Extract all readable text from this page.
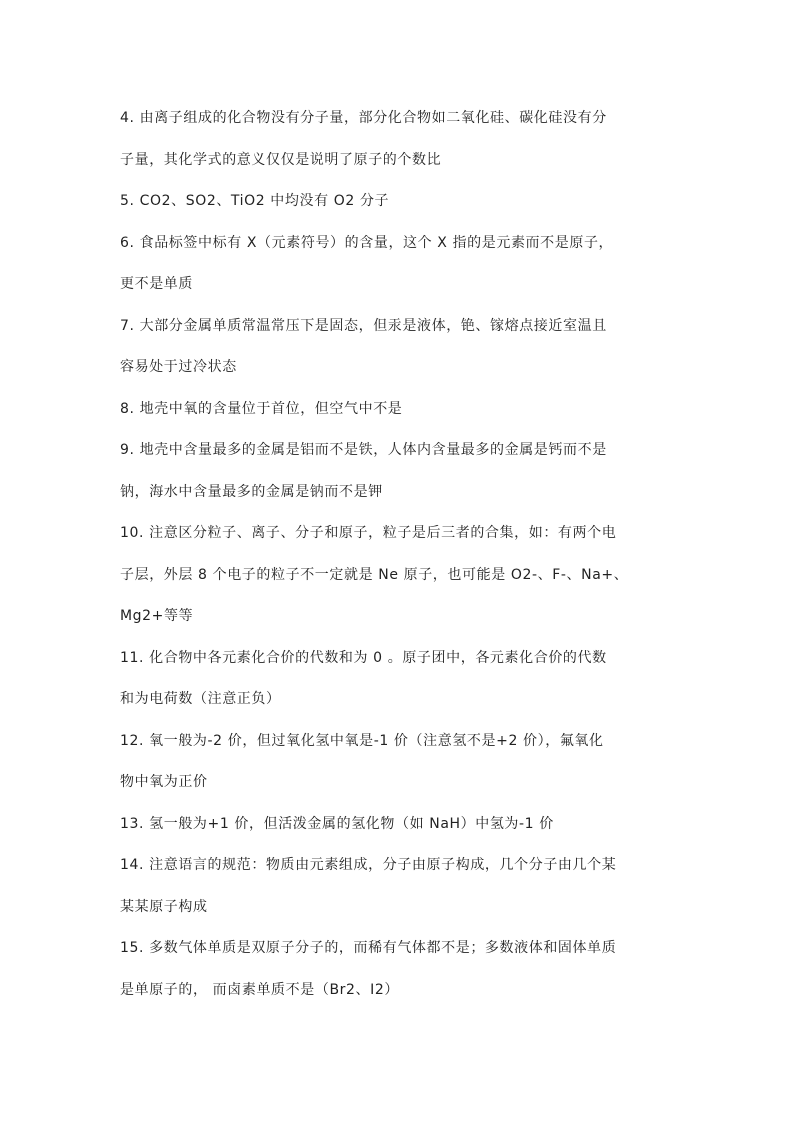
4. 由离子组成的化合物没有分子量，部分化合物如二氧化硅、碳化硅没有分
子量，其化学式的意义仅仅是说明了原子的个数比
5. CO2、SO2、TiO2 中均没有 O2 分子
6. 食品标签中标有 X（元素符号）的含量，这个 X 指的是元素而不是原子，
更不是单质
7. 大部分金属单质常温常压下是固态，但汞是液体，铯、镓熔点接近室温且
容易处于过冷状态
8. 地壳中氧的含量位于首位，但空气中不是
9. 地壳中含量最多的金属是铝而不是铁，人体内含量最多的金属是钙而不是
钠，海水中含量最多的金属是钠而不是钾
10. 注意区分粒子、离子、分子和原子，粒子是后三者的合集，如：有两个电
子层，外层 8 个电子的粒子不一定就是 Ne 原子，也可能是 O2-、F-、Na+、
Mg2+等等
11. 化合物中各元素化合价的代数和为 0 。原子团中，各元素化合价的代数
和为电荷数（注意正负）
12. 氧一般为-2 价，但过氧化氢中氧是-1 价（注意氢不是+2 价），氟氧化
物中氧为正价
13. 氢一般为+1 价，但活泼金属的氢化物（如 NaH）中氢为-1 价
14. 注意语言的规范：物质由元素组成，分子由原子构成，几个分子由几个某
某某原子构成
15. 多数气体单质是双原子分子的，而稀有气体都不是；多数液体和固体单质
是单原子的， 而卤素单质不是（Br2、I2）
